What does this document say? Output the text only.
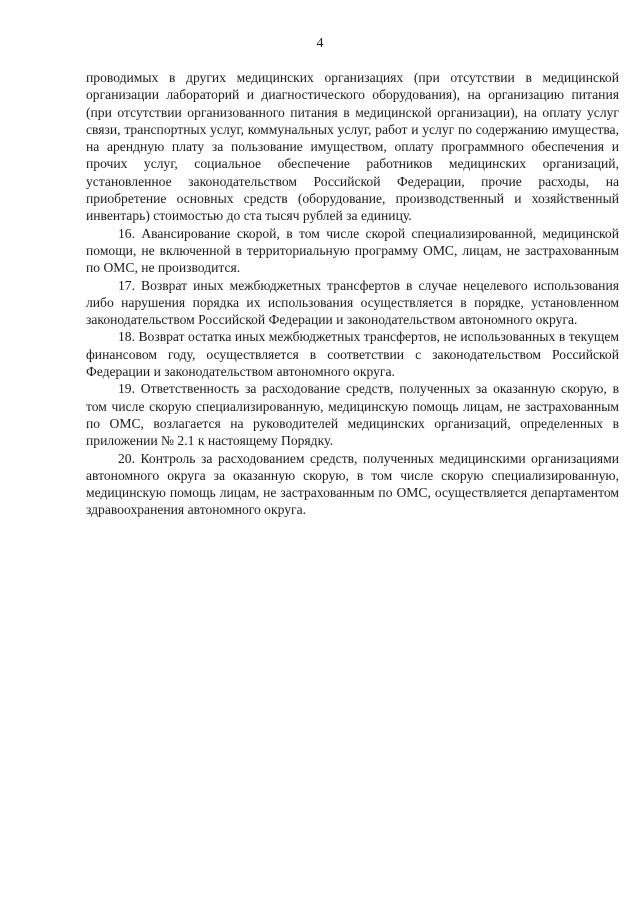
4

проводимых в других медицинских организациях (при отсутствии в медицинской организации лабораторий и диагностического оборудования), на организацию питания (при отсутствии организованного питания в медицинской организации), на оплату услуг связи, транспортных услуг, коммунальных услуг, работ и услуг по содержанию имущества, на арендную плату за пользование имуществом, оплату программного обеспечения и прочих услуг, социальное обеспечение работников медицинских организаций, установленное законодательством Российской Федерации, прочие расходы, на приобретение основных средств (оборудование, производственный и хозяйственный инвентарь) стоимостью до ста тысяч рублей за единицу.

16. Авансирование скорой, в том числе скорой специализированной, медицинской помощи, не включенной в территориальную программу ОМС, лицам, не застрахованным по ОМС, не производится.

17. Возврат иных межбюджетных трансфертов в случае нецелевого использования либо нарушения порядка их использования осуществляется в порядке, установленном законодательством Российской Федерации и законодательством автономного округа.

18. Возврат остатка иных межбюджетных трансфертов, не использованных в текущем финансовом году, осуществляется в соответствии с законодательством Российской Федерации и законодательством автономного округа.

19. Ответственность за расходование средств, полученных за оказанную скорую, в том числе скорую специализированную, медицинскую помощь лицам, не застрахованным по ОМС, возлагается на руководителей медицинских организаций, определенных в приложении № 2.1 к настоящему Порядку.

20. Контроль за расходованием средств, полученных медицинскими организациями автономного округа за оказанную скорую, в том числе скорую специализированную, медицинскую помощь лицам, не застрахованным по ОМС, осуществляется департаментом здравоохранения автономного округа.
